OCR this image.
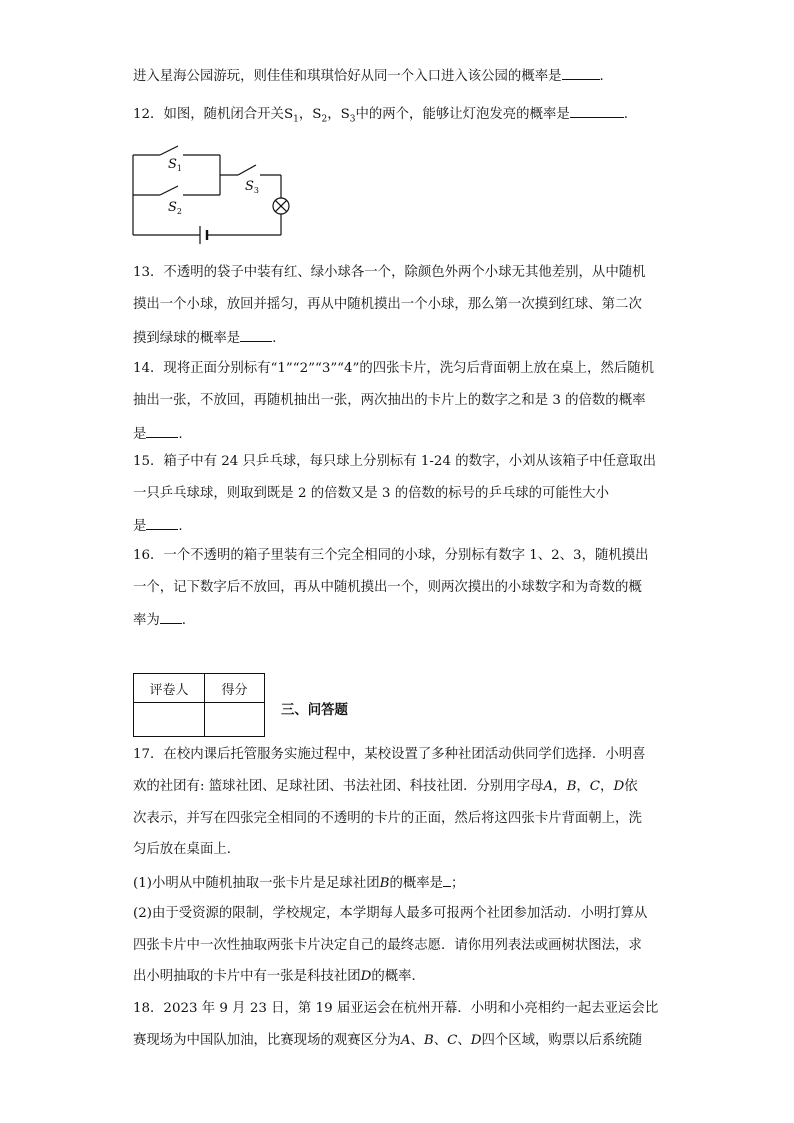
进入星海公园游玩，则佳佳和琪琪恰好从同一个入口进入该公园的概率是	.
12．如图，随机闭合开关$S_1$，$S_2$，$S_3$中的两个，能够让灯泡发亮的概率是	.
$S_1$
$S_2$
$S_3$
13．不透明的袋子中装有红、绿小球各一个，除颜色外两个小球无其他差别，从中随机
摸出一个小球，放回并摇匀，再从中随机摸出一个小球，那么第一次摸到红球、第二次
摸到绿球的概率是 .
14．现将正面分别标有“1”“2”“3”“4”的四张卡片，洗匀后背面朝上放在桌上，然后随机
抽出一张，不放回，再随机抽出一张，两次抽出的卡片上的数字之和是 3 的倍数的概率
是 .
15．箱子中有 24 只乒乓球，每只球上分别标有 1-24 的数字，小刘从该箱子中任意取出
一只乒乓球球，则取到既是 2 的倍数又是 3 的倍数的标号的乒乓球的可能性大小
是 .
16．一个不透明的箱子里装有三个完全相同的小球，分别标有数字 1、2、3，随机摸出
一个，记下数字后不放回，再从中随机摸出一个，则两次摸出的小球数字和为奇数的概
率为 .
评卷人	得分

三、问答题
17．在校内课后托管服务实施过程中，某校设置了多种社团活动供同学们选择．小明喜
欢的社团有: 篮球社团、足球社团、书法社团、科技社团．分别用字母A，B，C，D依
次表示，并写在四张完全相同的不透明的卡片的正面，然后将这四张卡片背面朝上，洗
匀后放在桌面上．
(1)小明从中随机抽取一张卡片是足球社团B的概率是 ；
(2)由于受资源的限制，学校规定，本学期每人最多可报两个社团参加活动．小明打算从
四张卡片中一次性抽取两张卡片决定自己的最终志愿．请你用列表法或画树状图法，求
出小明抽取的卡片中有一张是科技社团D的概率．
18．2023 年 9 月 23 日，第 19 届亚运会在杭州开幕．小明和小亮相约一起去亚运会比
赛现场为中国队加油，比赛现场的观赛区分为A、B、C、D四个区域，购票以后系统随
